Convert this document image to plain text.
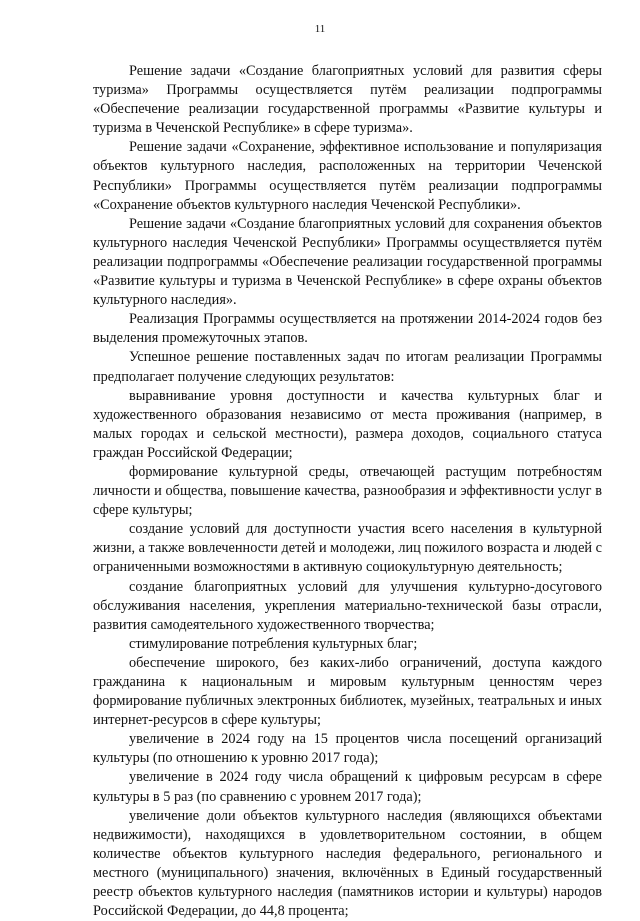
11

Решение задачи «Создание благоприятных условий для развития сферы туризма» Программы осуществляется путём реализации подпрограммы «Обеспечение реализации государственной программы «Развитие культуры и туризма в Чеченской Республике» в сфере туризма».

Решение задачи «Сохранение, эффективное использование и популяризация объектов культурного наследия, расположенных на территории Чеченской Республики» Программы осуществляется путём реализации подпрограммы «Сохранение объектов культурного наследия Чеченской Республики».

Решение задачи «Создание благоприятных условий для сохранения объектов культурного наследия Чеченской Республики» Программы осуществляется путём реализации подпрограммы «Обеспечение реализации государственной программы «Развитие культуры и туризма в Чеченской Республике» в сфере охраны объектов культурного наследия».

Реализация Программы осуществляется на протяжении 2014-2024 годов без выделения промежуточных этапов.

Успешное решение поставленных задач по итогам реализации Программы предполагает получение следующих результатов:

выравнивание уровня доступности и качества культурных благ и художественного образования независимо от места проживания (например, в малых городах и сельской местности), размера доходов, социального статуса граждан Российской Федерации;

формирование культурной среды, отвечающей растущим потребностям личности и общества, повышение качества, разнообразия и эффективности услуг в сфере культуры;

создание условий для доступности участия всего населения в культурной жизни, а также вовлеченности детей и молодежи, лиц пожилого возраста и людей с ограниченными возможностями в активную социокультурную деятельность;

создание благоприятных условий для улучшения культурно-досугового обслуживания населения, укрепления материально-технической базы отрасли, развития самодеятельного художественного творчества;

стимулирование потребления культурных благ;

обеспечение широкого, без каких-либо ограничений, доступа каждого гражданина к национальным и мировым культурным ценностям через формирование публичных электронных библиотек, музейных, театральных и иных интернет-ресурсов в сфере культуры;

увеличение в 2024 году на 15 процентов числа посещений организаций культуры (по отношению к уровню 2017 года);

увеличение в 2024 году числа обращений к цифровым ресурсам в сфере культуры в 5 раз (по сравнению с уровнем 2017 года);

увеличение доли объектов культурного наследия (являющихся объектами недвижимости), находящихся в удовлетворительном состоянии, в общем количестве объектов культурного наследия федерального, регионального и местного (муниципального) значения, включённых в Единый государственный реестр объектов культурного наследия (памятников истории и культуры) народов Российской Федерации, до 44,8 процента;
